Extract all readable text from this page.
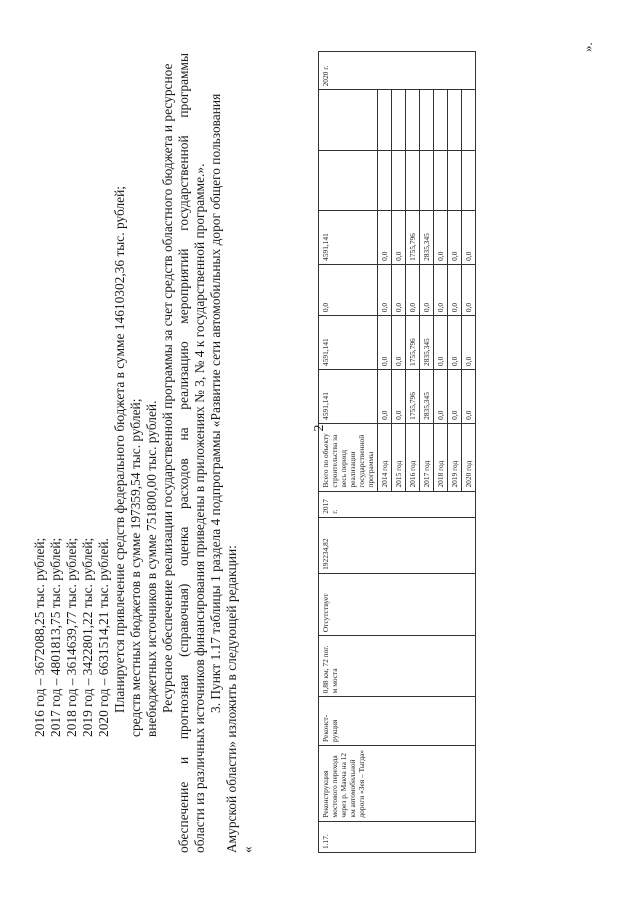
2
2016 год – 3672088,25 тыс. рублей; 2017 год – 4801813,75 тыс. рублей; 2018 год – 3614639,77 тыс. рублей; 2019 год – 3422801,22 тыс. рублей; 2020 год – 6631514,21 тыс. рублей. Планируется привлечение средств федерального бюджета в сумме 14610302,36 тыс. рублей; средств местных бюджетов в сумме 197359,54 тыс. рублей; внебюджетных источников в сумме 751800,00 тыс. рублей. Ресурсное обеспечение реализации государственной программы за счет средств областного бюджета и ресурсное обеспечение и прогнозная (справочная) оценка расходов на реализацию мероприятий государственной программы области из различных источников финансирования приведены в приложениях № 3, № 4 к государственной программе.». 3. Пункт 1.17 таблицы 1 раздела 4 подпрограммы «Развитие сети автомобильных дорог общего пользования Амурской области» изложить в следующей редакции: «
1.17.	Реконструкция мостового перехода через р. Макча на 12 км автомобильной дороги «Зея – Тыгда»	Реконст-рукция	0,88 км, 72 пог. м моста	Отсутствует	192234,82	2017 г.	Всего по объекту строительства за весь период реализации государственной программы	4591,141	4591,141	0,0	4591,141			2020 г.
							2014 год	0,0	0,0	0,0	0,0			
							2015 год	0,0	0,0	0,0	0,0			
							2016 год	1755,796	1755,796	0,0	1755,796			
							2017 год	2835,345	2835,345	0,0	2835,345			
							2018 год	0,0	0,0	0,0	0,0			
							2019 год	0,0	0,0	0,0	0,0			
							2020 год	0,0	0,0	0,0	0,0			
».
